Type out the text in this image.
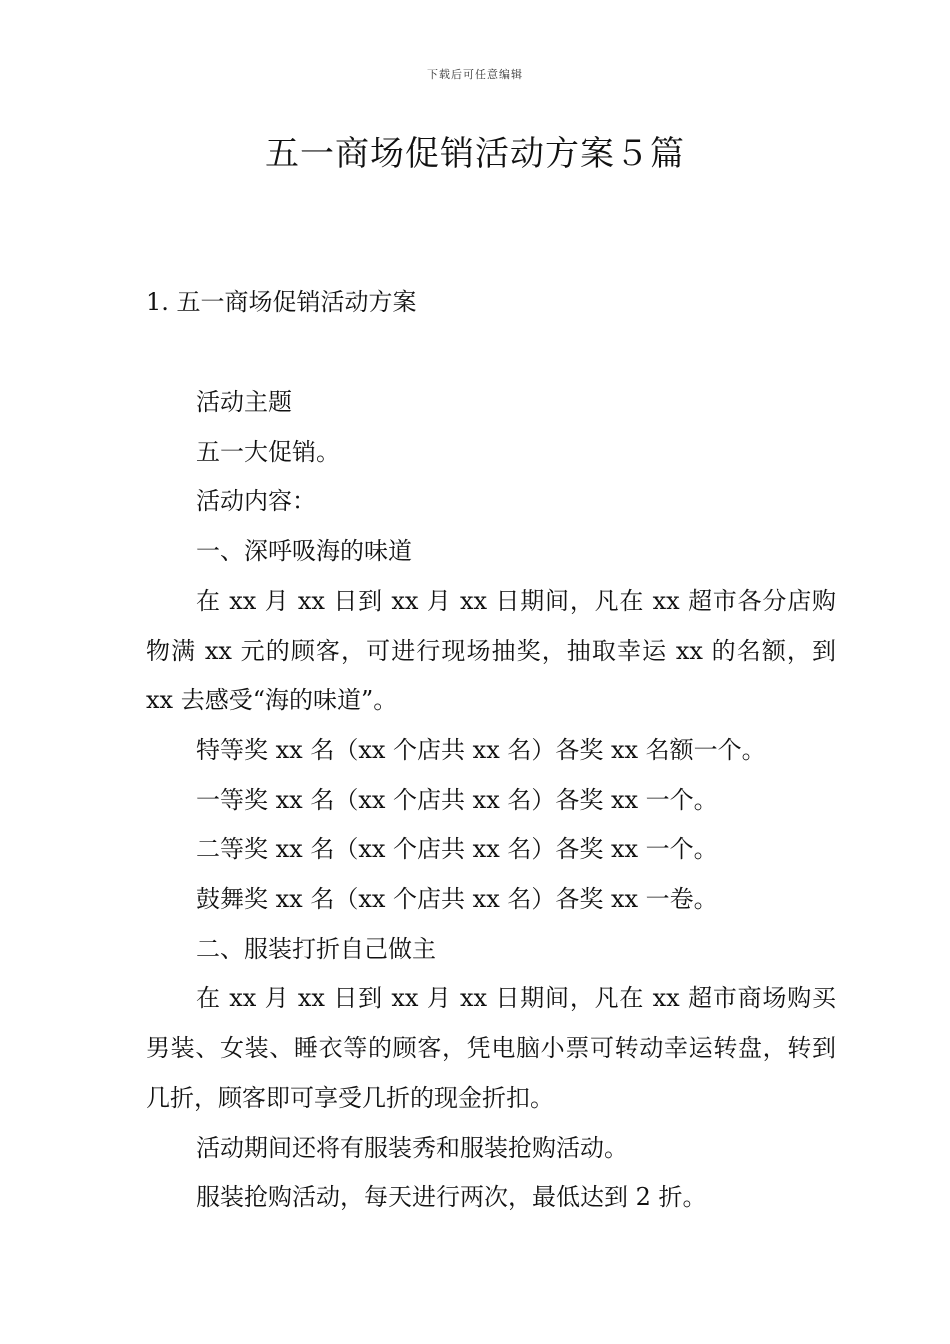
下载后可任意编辑
五一商场促销活动方案５篇
1. 五一商场促销活动方案

活动主题

五一大促销。

活动内容：

一、深呼吸海的味道

在 xx 月 xx 日到 xx 月 xx 日期间，凡在 xx 超市各分店购物满 xx 元的顾客，可进行现场抽奖，抽取幸运 xx 的名额，到 xx 去感受“海的味道”。

特等奖 xx 名（xx 个店共 xx 名）各奖 xx 名额一个。

一等奖 xx 名（xx 个店共 xx 名）各奖 xx 一个。

二等奖 xx 名（xx 个店共 xx 名）各奖 xx 一个。

鼓舞奖 xx 名（xx 个店共 xx 名）各奖 xx 一卷。

二、服装打折自己做主

在 xx 月 xx 日到 xx 月 xx 日期间，凡在 xx 超市商场购买男装、女装、睡衣等的顾客，凭电脑小票可转动幸运转盘，转到几折，顾客即可享受几折的现金折扣。

活动期间还将有服装秀和服装抢购活动。

服装抢购活动，每天进行两次，最低达到 2 折。
